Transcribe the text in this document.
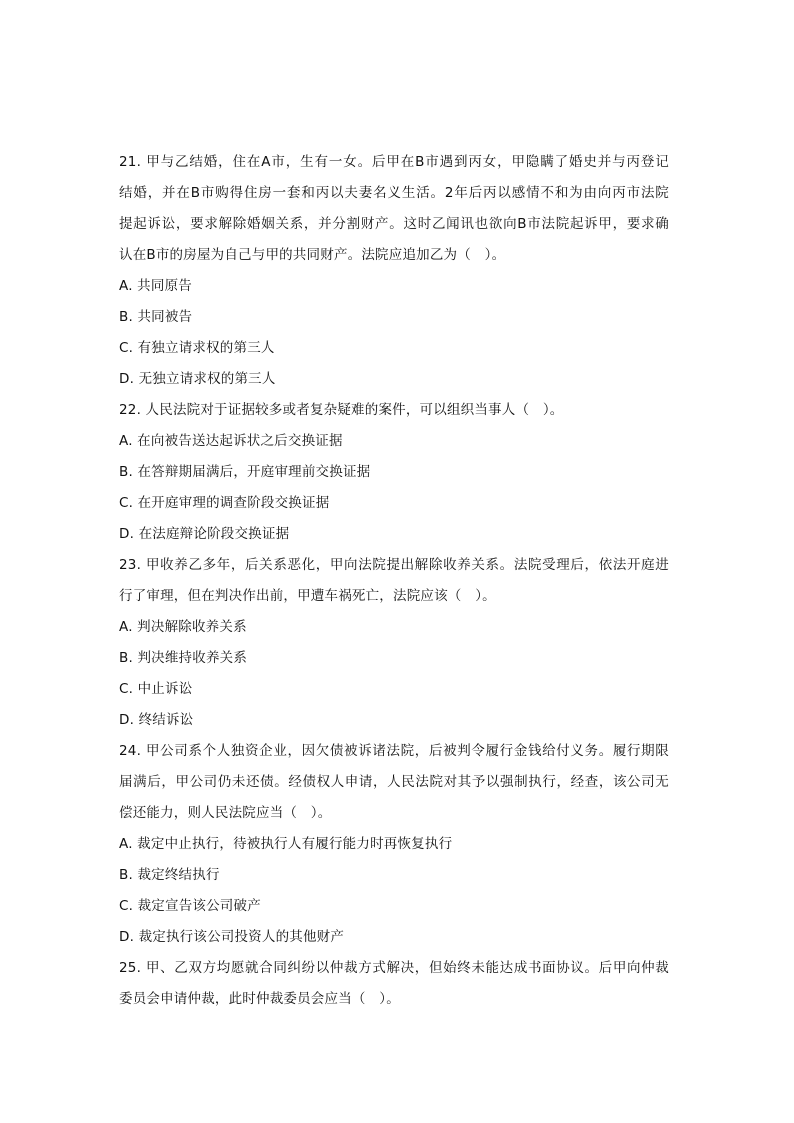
21. 甲与乙结婚，住在A市，生有一女。后甲在B市遇到丙女，甲隐瞒了婚史并与丙登记
结婚，并在B市购得住房一套和丙以夫妻名义生活。2年后丙以感情不和为由向丙市法院
提起诉讼，要求解除婚姻关系，并分割财产。这时乙闻讯也欲向B市法院起诉甲，要求确
认在B市的房屋为自己与甲的共同财产。法院应追加乙为（　）。
A. 共同原告
B. 共同被告
C. 有独立请求权的第三人
D. 无独立请求权的第三人
22. 人民法院对于证据较多或者复杂疑难的案件，可以组织当事人（　）。
A. 在向被告送达起诉状之后交换证据
B. 在答辩期届满后，开庭审理前交换证据
C. 在开庭审理的调查阶段交换证据
D. 在法庭辩论阶段交换证据
23. 甲收养乙多年，后关系恶化，甲向法院提出解除收养关系。法院受理后，依法开庭进
行了审理，但在判决作出前，甲遭车祸死亡，法院应该（　）。
A. 判决解除收养关系
B. 判决维持收养关系
C. 中止诉讼
D. 终结诉讼
24. 甲公司系个人独资企业，因欠债被诉诸法院，后被判令履行金钱给付义务。履行期限
届满后，甲公司仍未还债。经债权人申请，人民法院对其予以强制执行，经查，该公司无
偿还能力，则人民法院应当（　）。
A. 裁定中止执行，待被执行人有履行能力时再恢复执行
B. 裁定终结执行
C. 裁定宣告该公司破产
D. 裁定执行该公司投资人的其他财产
25. 甲、乙双方均愿就合同纠纷以仲裁方式解决，但始终未能达成书面协议。后甲向仲裁
委员会申请仲裁，此时仲裁委员会应当（　）。
